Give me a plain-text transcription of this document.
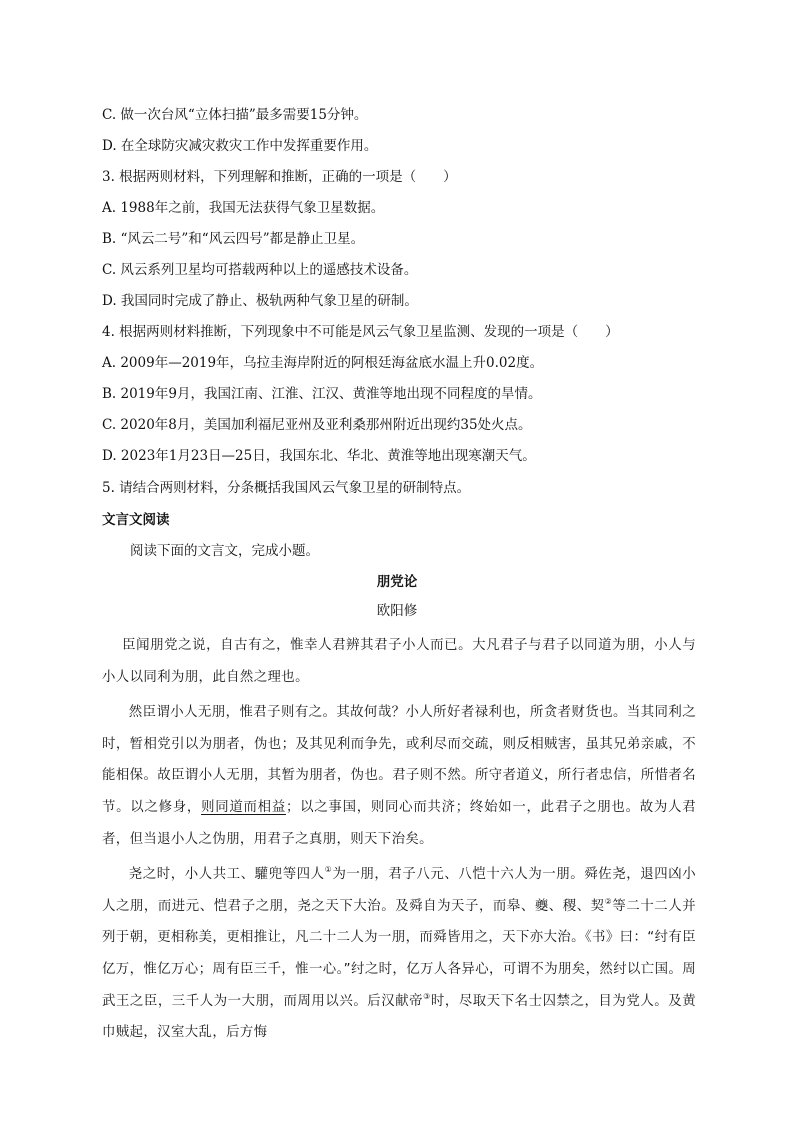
C. 做一次台风“立体扫描”最多需要15分钟。
D. 在全球防灾减灾救灾工作中发挥重要作用。
3. 根据两则材料，下列理解和推断，正确的一项是（　　）
A. 1988年之前，我国无法获得气象卫星数据。
B. “风云二号”和“风云四号”都是静止卫星。
C. 风云系列卫星均可搭载两种以上的遥感技术设备。
D. 我国同时完成了静止、极轨两种气象卫星的研制。
4. 根据两则材料推断，下列现象中不可能是风云气象卫星监测、发现的一项是（　　）
A. 2009年—2019年，乌拉圭海岸附近的阿根廷海盆底水温上升0.02度。
B. 2019年9月，我国江南、江淮、江汉、黄淮等地出现不同程度的旱情。
C. 2020年8月，美国加利福尼亚州及亚利桑那州附近出现约35处火点。
D. 2023年1月23日—25日，我国东北、华北、黄淮等地出现寒潮天气。
5. 请结合两则材料，分条概括我国风云气象卫星的研制特点。
文言文阅读
阅读下面的文言文，完成小题。
朋党论
欧阳修

臣闻朋党之说，自古有之，惟幸人君辨其君子小人而已。大凡君子与君子以同道为朋，小人与小人以同利为朋，此自然之理也。

然臣谓小人无朋，惟君子则有之。其故何哉？小人所好者禄利也，所贪者财货也。当其同利之时，暂相党引以为朋者，伪也；及其见利而争先，或利尽而交疏，则反相贼害，虽其兄弟亲戚，不能相保。故臣谓小人无朋，其暂为朋者，伪也。君子则不然。所守者道义，所行者忠信，所惜者名节。以之修身，则同道而相益；以之事国，则同心而共济；终始如一，此君子之朋也。故为人君者，但当退小人之伪朋，用君子之真朋，则天下治矣。

尧之时，小人共工、驩兜等四人①为一朋，君子八元、八恺十六人为一朋。舜佐尧，退四凶小人之朋，而进元、恺君子之朋，尧之天下大治。及舜自为天子，而皋、夔、稷、契②等二十二人并列于朝，更相称美，更相推让，凡二十二人为一朋，而舜皆用之，天下亦大治。《书》曰：“纣有臣亿万，惟亿万心；周有臣三千，惟一心。”纣之时，亿万人各异心，可谓不为朋矣，然纣以亡国。周武王之臣，三千人为一大朋，而周用以兴。后汉献帝③时，尽取天下名士囚禁之，目为党人。及黄巾贼起，汉室大乱，后方悔
